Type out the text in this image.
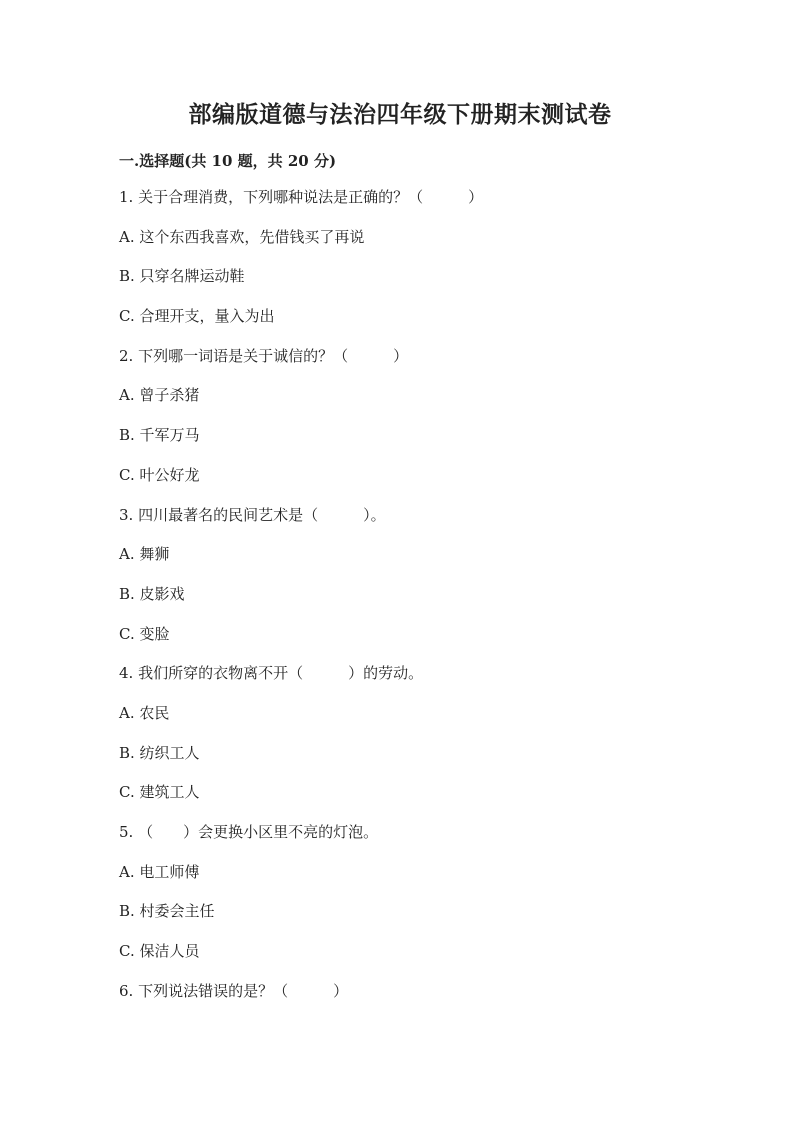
部编版道德与法治四年级下册期末测试卷
一.选择题(共 10 题，共 20 分)
1. 关于合理消费，下列哪种说法是正确的？（　　　）
A. 这个东西我喜欢，先借钱买了再说
B. 只穿名牌运动鞋
C. 合理开支，量入为出
2. 下列哪一词语是关于诚信的？（　　　）
A. 曾子杀猪
B. 千军万马
C. 叶公好龙
3. 四川最著名的民间艺术是（　　　）。
A. 舞狮
B. 皮影戏
C. 变脸
4. 我们所穿的衣物离不开（　　　）的劳动。
A. 农民
B. 纺织工人
C. 建筑工人
5. （　　）会更换小区里不亮的灯泡。
A. 电工师傅
B. 村委会主任
C. 保洁人员
6. 下列说法错误的是？（　　　）
